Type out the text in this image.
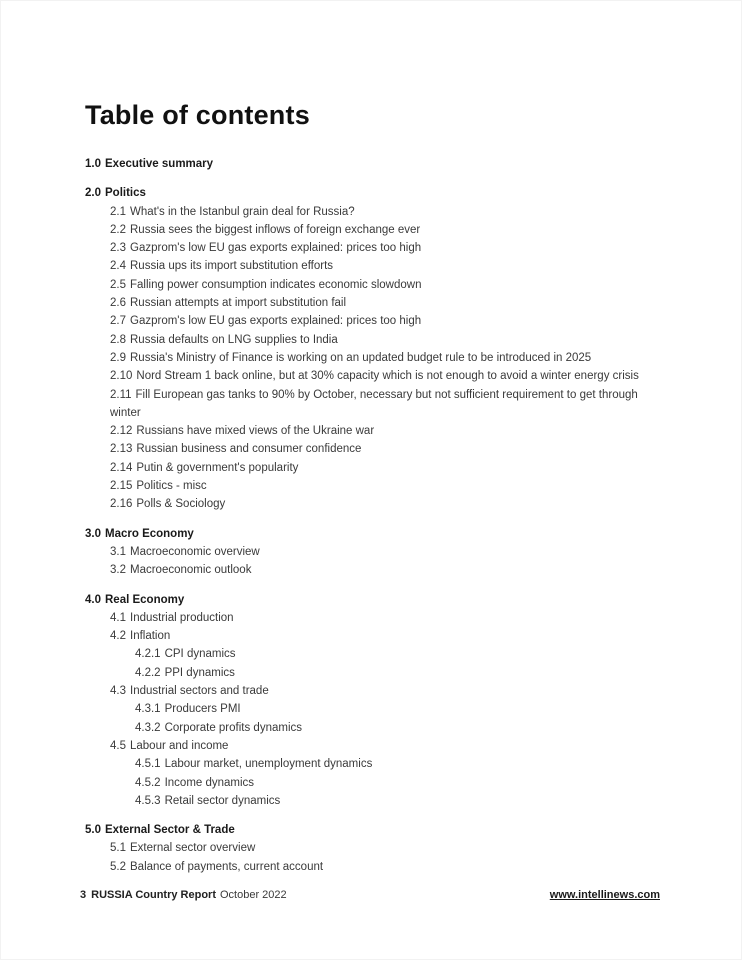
Table of contents
1.0 Executive summary
2.0 Politics
2.1 What's in the Istanbul grain deal for Russia?
2.2 Russia sees the biggest inflows of foreign exchange ever
2.3 Gazprom's low EU gas exports explained: prices too high
2.4 Russia ups its import substitution efforts
2.5 Falling power consumption indicates economic slowdown
2.6 Russian attempts at import substitution fail
2.7 Gazprom's low EU gas exports explained: prices too high
2.8 Russia defaults on LNG supplies to India
2.9 Russia's Ministry of Finance is working on an updated budget rule to be introduced in 2025
2.10 Nord Stream 1 back online, but at 30% capacity which is not enough to avoid a winter energy crisis
2.11 Fill European gas tanks to 90% by October, necessary but not sufficient requirement to get through winter
2.12 Russians have mixed views of the Ukraine war
2.13 Russian business and consumer confidence
2.14 Putin & government's popularity
2.15 Politics - misc
2.16 Polls & Sociology
3.0 Macro Economy
3.1 Macroeconomic overview
3.2 Macroeconomic outlook
4.0 Real Economy
4.1 Industrial production
4.2 Inflation
4.2.1 CPI dynamics
4.2.2 PPI dynamics
4.3 Industrial sectors and trade
4.3.1 Producers PMI
4.3.2 Corporate profits dynamics
4.5 Labour and income
4.5.1 Labour market, unemployment dynamics
4.5.2 Income dynamics
4.5.3 Retail sector dynamics
5.0 External Sector & Trade
5.1 External sector overview
5.2 Balance of payments, current account
3 RUSSIA Country Report October 2022	www.intellinews.com
